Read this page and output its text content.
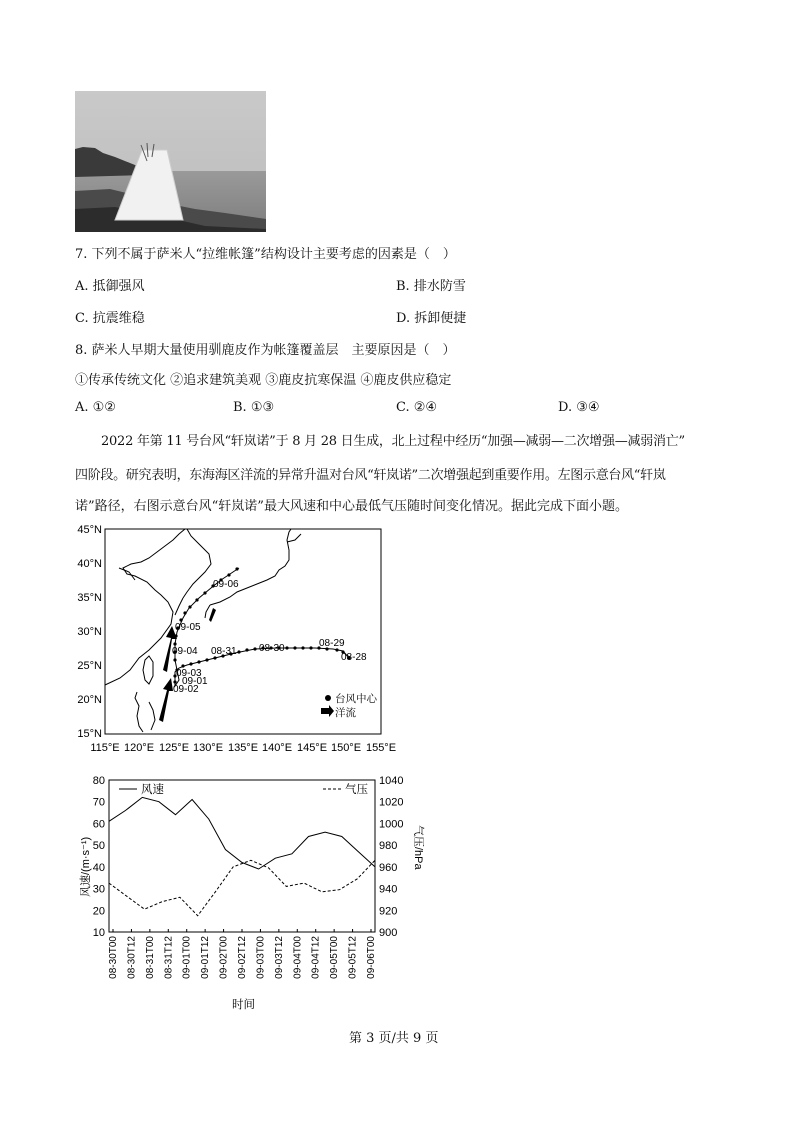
7. 下列不属于萨米人“拉维帐篷”结构设计主要考虑的因素是（　）
A. 抵御强风	B. 排水防雪
C. 抗震维稳	D. 拆卸便捷
8. 萨米人早期大量使用驯鹿皮作为帐篷覆盖层　主要原因是（　）
①传承传统文化 ②追求建筑美观 ③鹿皮抗寒保温 ④鹿皮供应稳定
A. ①②	B. ①③	C. ②④	D. ③④
2022 年第 11 号台风“轩岚诺”于 8 月 28 日生成，北上过程中经历“加强—减弱—二次增强—减弱消亡”
四阶段。研究表明，东海海区洋流的异常升温对台风“轩岚诺”二次增强起到重要作用。左图示意台风“轩岚
诺”路径，右图示意台风“轩岚诺”最大风速和中心最低气压随时间变化情况。据此完成下面小题。
45°N
40°N
35°N
30°N
25°N
20°N
15°N
115°E 120°E 125°E 130°E 135°E 140°E 145°E 150°E 155°E
09-06
09-05
09-04
09-03
09-01
09-02
08-31 08-30	08-29
08-28
台风中心
洋流
80
70
60
50
40
30
20
10
1040
1020
1000
980
960
940
920
900
08-30T00 08-30T12 08-31T00 08-31T12 09-01T00 09-01T12 09-02T00 09-02T12 09-03T00 09-03T12 09-04T00 09-04T12 09-05T00 09-05T12 09-06T00
风速	气压
风速/(m·s⁻¹)	气压/hPa
时间
第 3 页/共 9 页
